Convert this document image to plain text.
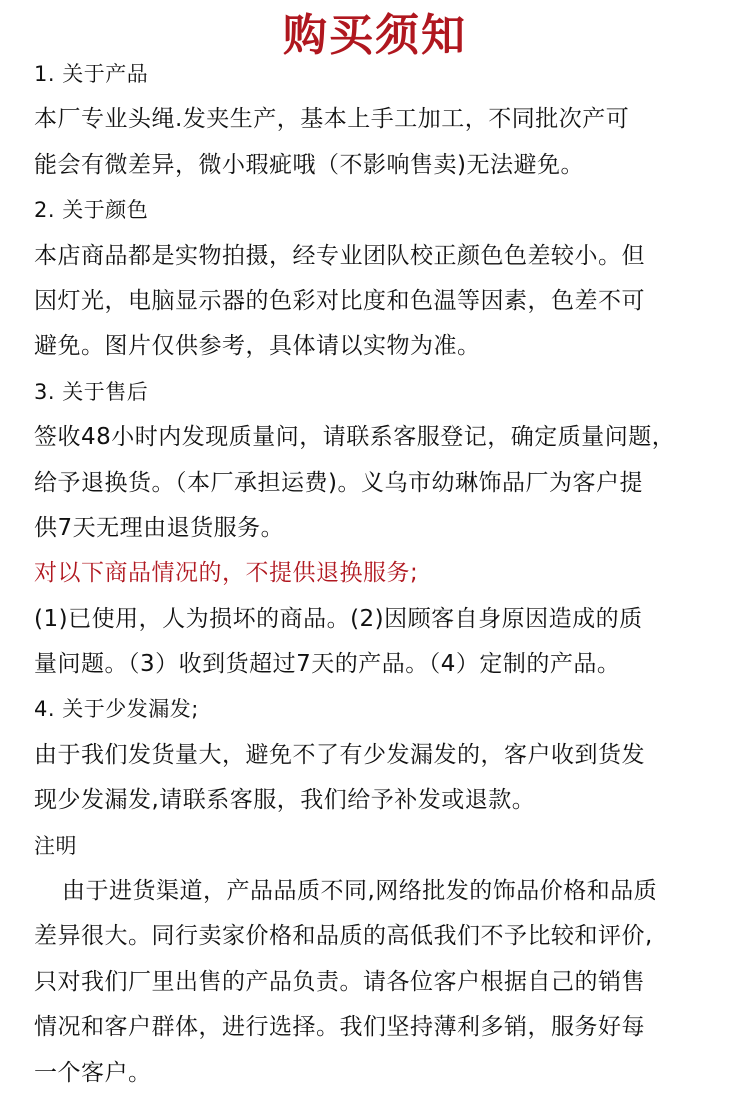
购买须知
1. 关于产品
本厂专业头绳.发夹生产，基本上手工加工，不同批次产可
能会有微差异，微小瑕疵哦（不影响售卖)无法避免。
2. 关于颜色
本店商品都是实物拍摄，经专业团队校正颜色色差较小。但
因灯光，电脑显示器的色彩对比度和色温等因素，色差不可
避免。图片仅供参考，具体请以实物为准。
3. 关于售后
签收48小时内发现质量问，请联系客服登记，确定质量问题，
给予退换货。（本厂承担运费)。义乌市幼琳饰品厂为客户提
供7天无理由退货服务。
对以下商品情况的，不提供退换服务;
(1)已使用，人为损坏的商品。(2)因顾客自身原因造成的质
量问题。（3）收到货超过7天的产品。（4）定制的产品。
4. 关于少发漏发;
由于我们发货量大，避免不了有少发漏发的，客户收到货发
现少发漏发,请联系客服，我们给予补发或退款。
注明
由于进货渠道，产品品质不同,网络批发的饰品价格和品质
差异很大。同行卖家价格和品质的高低我们不予比较和评价,
只对我们厂里出售的产品负责。请各位客户根据自己的销售
情况和客户群体，进行选择。我们坚持薄利多销，服务好每
一个客户。
